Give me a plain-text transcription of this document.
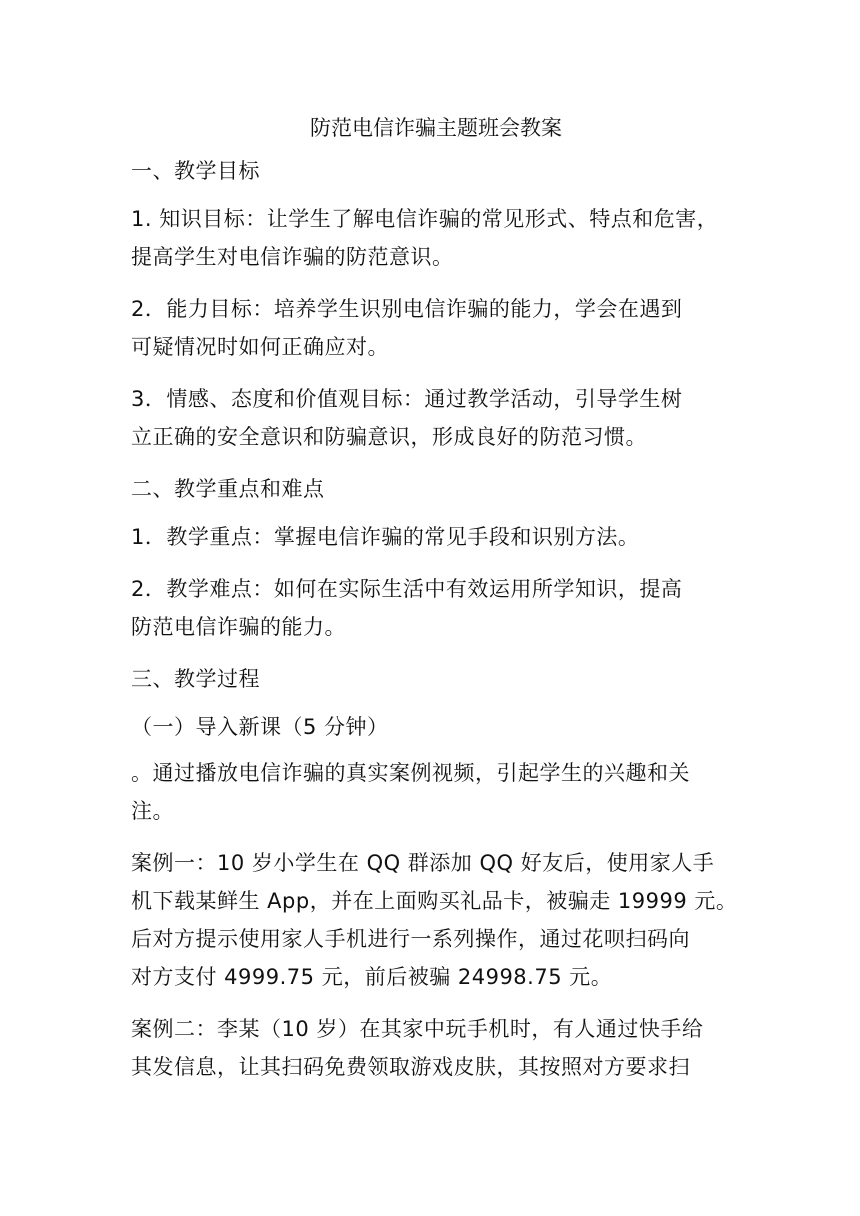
防范电信诈骗主题班会教案
一、教学目标
1. 知识目标：让学生了解电信诈骗的常见形式、特点和危害，
提高学生对电信诈骗的防范意识。
2．能力目标：培养学生识别电信诈骗的能力，学会在遇到
可疑情况时如何正确应对。
3．情感、态度和价值观目标：通过教学活动，引导学生树
立正确的安全意识和防骗意识，形成良好的防范习惯。
二、教学重点和难点
1．教学重点：掌握电信诈骗的常见手段和识别方法。
2．教学难点：如何在实际生活中有效运用所学知识，提高
防范电信诈骗的能力。
三、教学过程
（一）导入新课（5 分钟）
。通过播放电信诈骗的真实案例视频，引起学生的兴趣和关
注。
案例一：10 岁小学生在 QQ 群添加 QQ 好友后，使用家人手
机下载某鲜生 App，并在上面购买礼品卡，被骗走 19999 元。
后对方提示使用家人手机进行一系列操作，通过花呗扫码向
对方支付 4999.75 元，前后被骗 24998.75 元。
案例二：李某（10 岁）在其家中玩手机时，有人通过快手给
其发信息，让其扫码免费领取游戏皮肤，其按照对方要求扫
